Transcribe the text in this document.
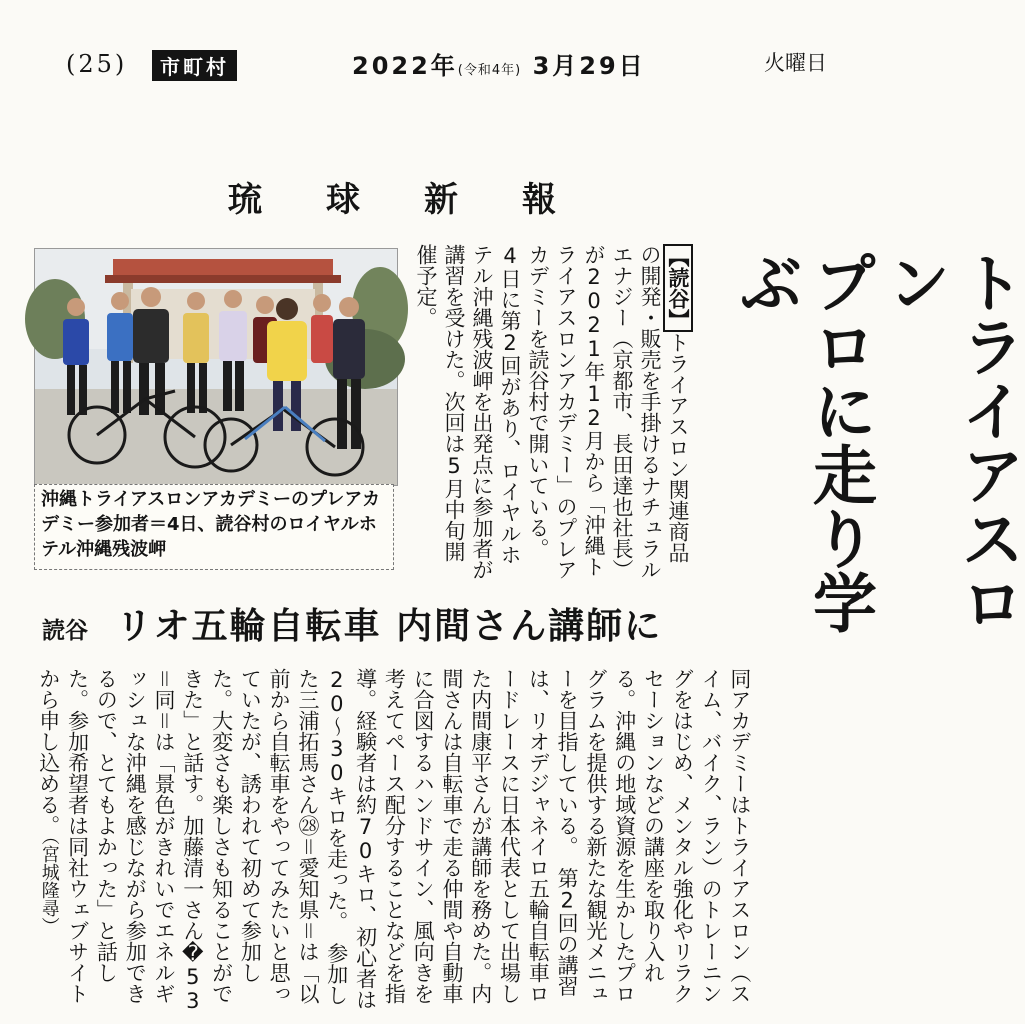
(25)	市町村	2022年(令和4年) 3月29日	火曜日
琉球新報
トライアスロン
プロに走り学ぶ
【読谷】トライアスロン関連商品の開発・販売を手掛けるナチュラルエナジー（京都市、長田達也社長）が2021年12月から「沖縄トライアスロンアカデミー」のプレアカデミーを読谷村で開いている。4日に第2回があり、ロイヤルホテル沖縄残波岬を出発点に参加者が講習を受けた。次回は5月中旬開催予定。
沖縄トライアスロンアカデミーのプレアカデミー参加者＝4日、読谷村のロイヤルホテル沖縄残波岬
読谷 リオ五輪自転車 内間さん講師に
同アカデミーはトライアスロン（スイム、バイク、ラン）のトレーニングをはじめ、メンタル強化やリラクセーションなどの講座を取り入れる。沖縄の地域資源を生かしたプログラムを提供する新たな観光メニューを目指している。　第2回の講習は、リオデジャネイロ五輪自転車ロードレースに日本代表として出場した内間康平さんが講師を務めた。内間さんは自転車で走る仲間や自動車に合図するハンドサイン、風向きを考えてペース配分することなどを指導。経験者は約70キロ、初心者は20〜30キロを走った。　参加した三浦拓馬さん㉘＝愛知県＝は「以前から自転車をやってみたいと思っていたが、誘われて初めて参加した。大変さも楽しさも知ることができた」と話す。加藤清一さん�53＝同＝は「景色がきれいでエネルギッシュな沖縄を感じながら参加できるので、とてもよかった」と話した。参加希望者は同社ウェブサイトから申し込める。（宮城隆尋）
